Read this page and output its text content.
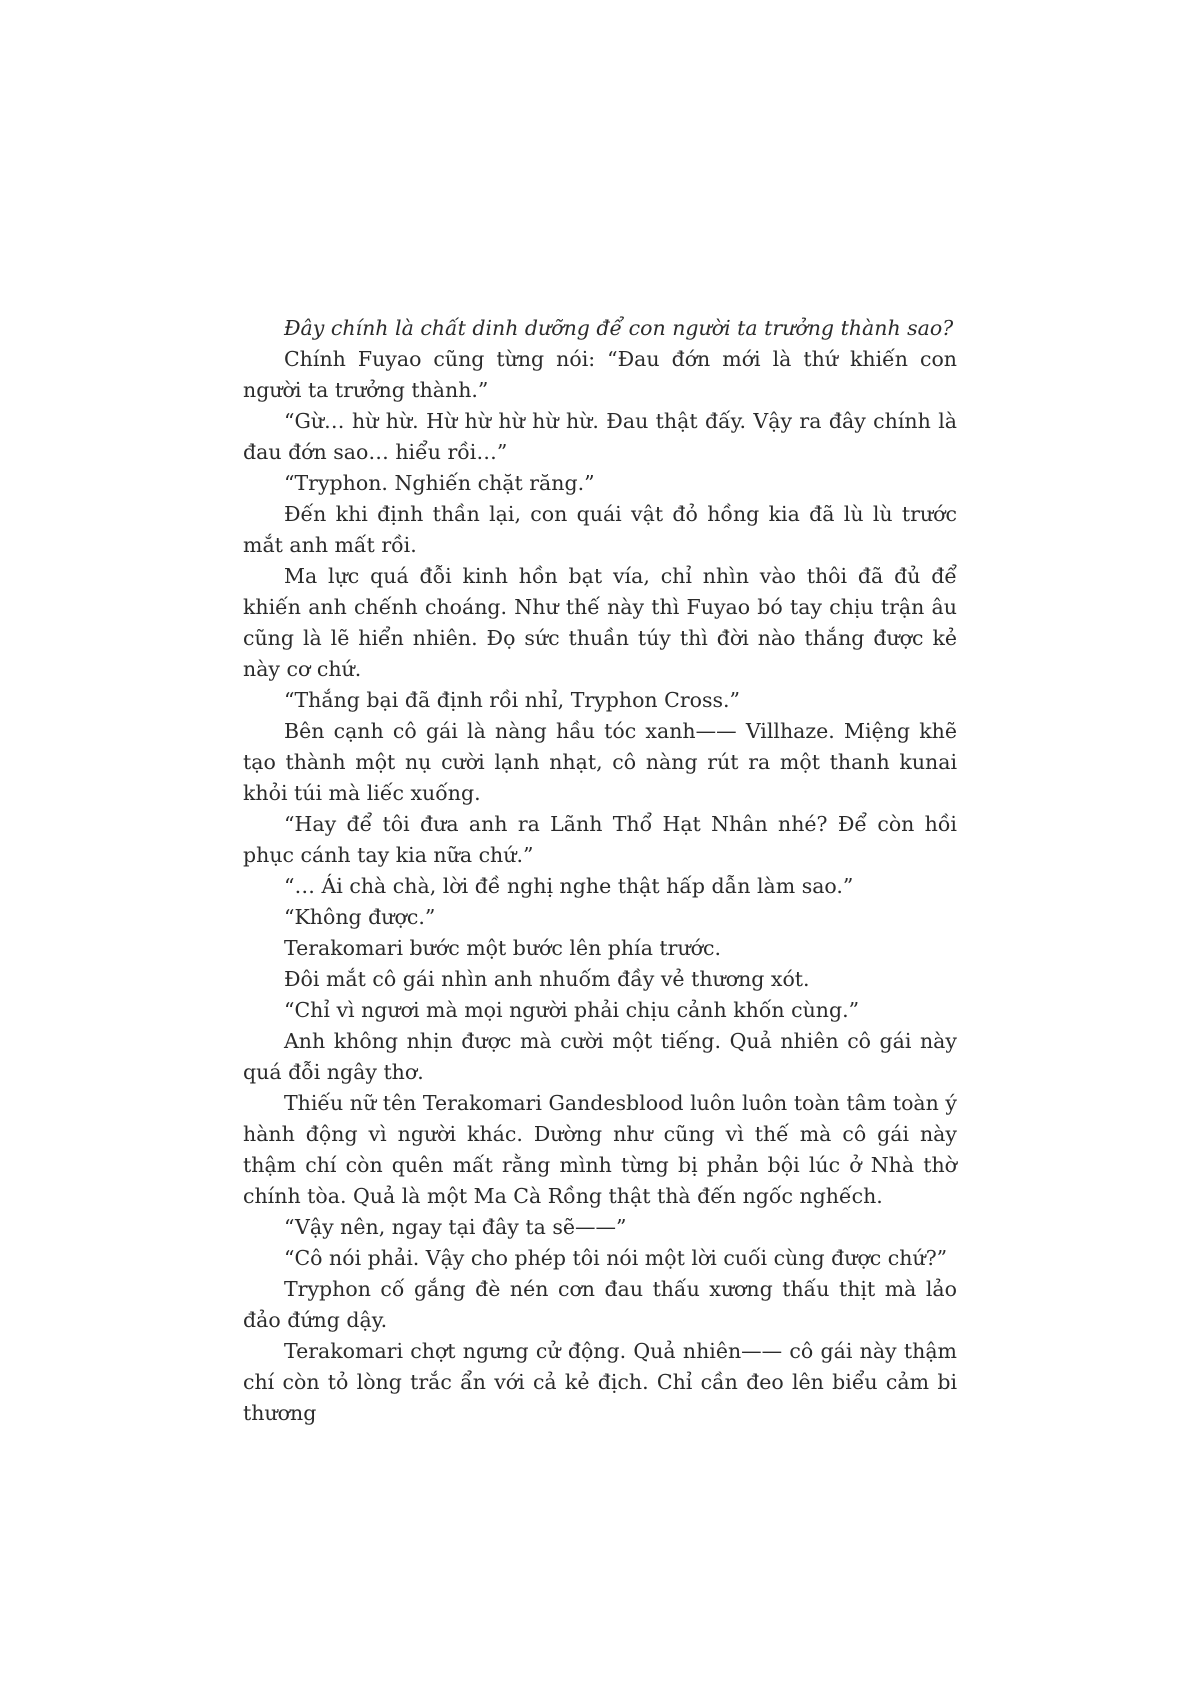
Đây chính là chất dinh dưỡng để con người ta trưởng thành sao?

Chính Fuyao cũng từng nói: “Đau đớn mới là thứ khiến con người ta trưởng thành.”

“Gừ… hừ hừ. Hừ hừ hừ hừ hừ. Đau thật đấy. Vậy ra đây chính là đau đớn sao… hiểu rồi…”

“Tryphon. Nghiến chặt răng.”

Đến khi định thần lại, con quái vật đỏ hồng kia đã lù lù trước mắt anh mất rồi.

Ma lực quá đỗi kinh hồn bạt vía, chỉ nhìn vào thôi đã đủ để khiến anh chếnh choáng. Như thế này thì Fuyao bó tay chịu trận âu cũng là lẽ hiển nhiên. Đọ sức thuần túy thì đời nào thắng được kẻ này cơ chứ.

“Thắng bại đã định rồi nhỉ, Tryphon Cross.”

Bên cạnh cô gái là nàng hầu tóc xanh—— Villhaze. Miệng khẽ tạo thành một nụ cười lạnh nhạt, cô nàng rút ra một thanh kunai khỏi túi mà liếc xuống.

“Hay để tôi đưa anh ra Lãnh Thổ Hạt Nhân nhé? Để còn hồi phục cánh tay kia nữa chứ.”

“… Ái chà chà, lời đề nghị nghe thật hấp dẫn làm sao.”

“Không được.”

Terakomari bước một bước lên phía trước.

Đôi mắt cô gái nhìn anh nhuốm đầy vẻ thương xót.

“Chỉ vì ngươi mà mọi người phải chịu cảnh khốn cùng.”

Anh không nhịn được mà cười một tiếng. Quả nhiên cô gái này quá đỗi ngây thơ.

Thiếu nữ tên Terakomari Gandesblood luôn luôn toàn tâm toàn ý hành động vì người khác. Dường như cũng vì thế mà cô gái này thậm chí còn quên mất rằng mình từng bị phản bội lúc ở Nhà thờ chính tòa. Quả là một Ma Cà Rồng thật thà đến ngốc nghếch.

“Vậy nên, ngay tại đây ta sẽ——”

“Cô nói phải. Vậy cho phép tôi nói một lời cuối cùng được chứ?”

Tryphon cố gắng đè nén cơn đau thấu xương thấu thịt mà lảo đảo đứng dậy.

Terakomari chợt ngưng cử động. Quả nhiên—— cô gái này thậm chí còn tỏ lòng trắc ẩn với cả kẻ địch. Chỉ cần đeo lên biểu cảm bi thương
